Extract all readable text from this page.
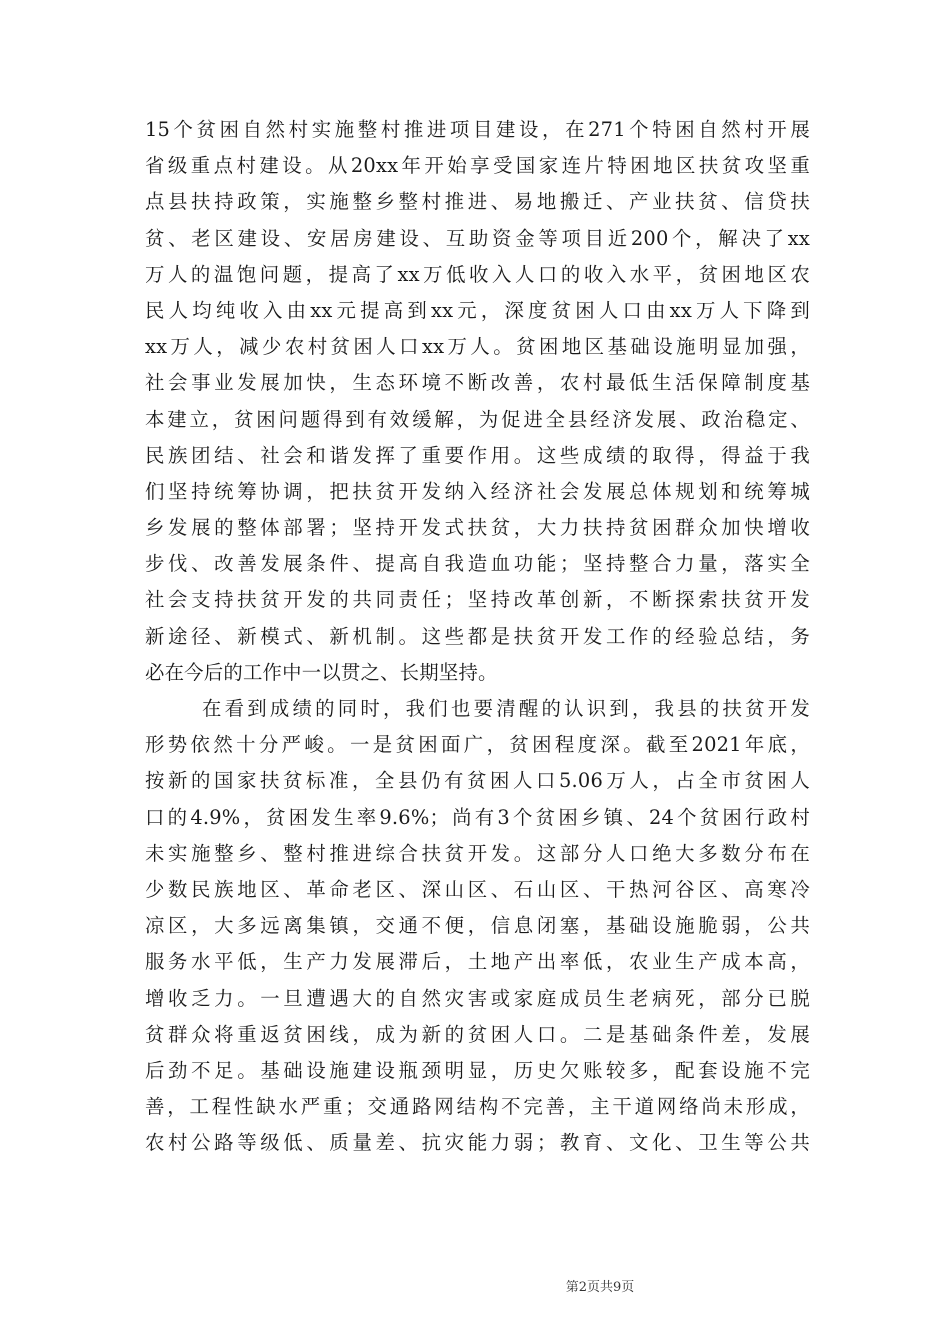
15个贫困自然村实施整村推进项目建设，在271个特困自然村开展
省级重点村建设。从20xx年开始享受国家连片特困地区扶贫攻坚重
点县扶持政策，实施整乡整村推进、易地搬迁、产业扶贫、信贷扶
贫、老区建设、安居房建设、互助资金等项目近200个，解决了xx
万人的温饱问题，提高了xx万低收入人口的收入水平，贫困地区农
民人均纯收入由xx元提高到xx元，深度贫困人口由xx万人下降到
xx万人，减少农村贫困人口xx万人。贫困地区基础设施明显加强，
社会事业发展加快，生态环境不断改善，农村最低生活保障制度基
本建立，贫困问题得到有效缓解，为促进全县经济发展、政治稳定、
民族团结、社会和谐发挥了重要作用。这些成绩的取得，得益于我
们坚持统筹协调，把扶贫开发纳入经济社会发展总体规划和统筹城
乡发展的整体部署；坚持开发式扶贫，大力扶持贫困群众加快增收
步伐、改善发展条件、提高自我造血功能；坚持整合力量，落实全
社会支持扶贫开发的共同责任；坚持改革创新，不断探索扶贫开发
新途径、新模式、新机制。这些都是扶贫开发工作的经验总结，务
必在今后的工作中一以贯之、长期坚持。
在看到成绩的同时，我们也要清醒的认识到，我县的扶贫开发
形势依然十分严峻。一是贫困面广，贫困程度深。截至2021年底，
按新的国家扶贫标准，全县仍有贫困人口5.06万人，占全市贫困人
口的4.9%，贫困发生率9.6%；尚有3个贫困乡镇、24个贫困行政村
未实施整乡、整村推进综合扶贫开发。这部分人口绝大多数分布在
少数民族地区、革命老区、深山区、石山区、干热河谷区、高寒冷
凉区，大多远离集镇，交通不便，信息闭塞，基础设施脆弱，公共
服务水平低，生产力发展滞后，土地产出率低，农业生产成本高，
增收乏力。一旦遭遇大的自然灾害或家庭成员生老病死，部分已脱
贫群众将重返贫困线，成为新的贫困人口。二是基础条件差，发展
后劲不足。基础设施建设瓶颈明显，历史欠账较多，配套设施不完
善，工程性缺水严重；交通路网结构不完善，主干道网络尚未形成，
农村公路等级低、质量差、抗灾能力弱；教育、文化、卫生等公共
第2页共9页
